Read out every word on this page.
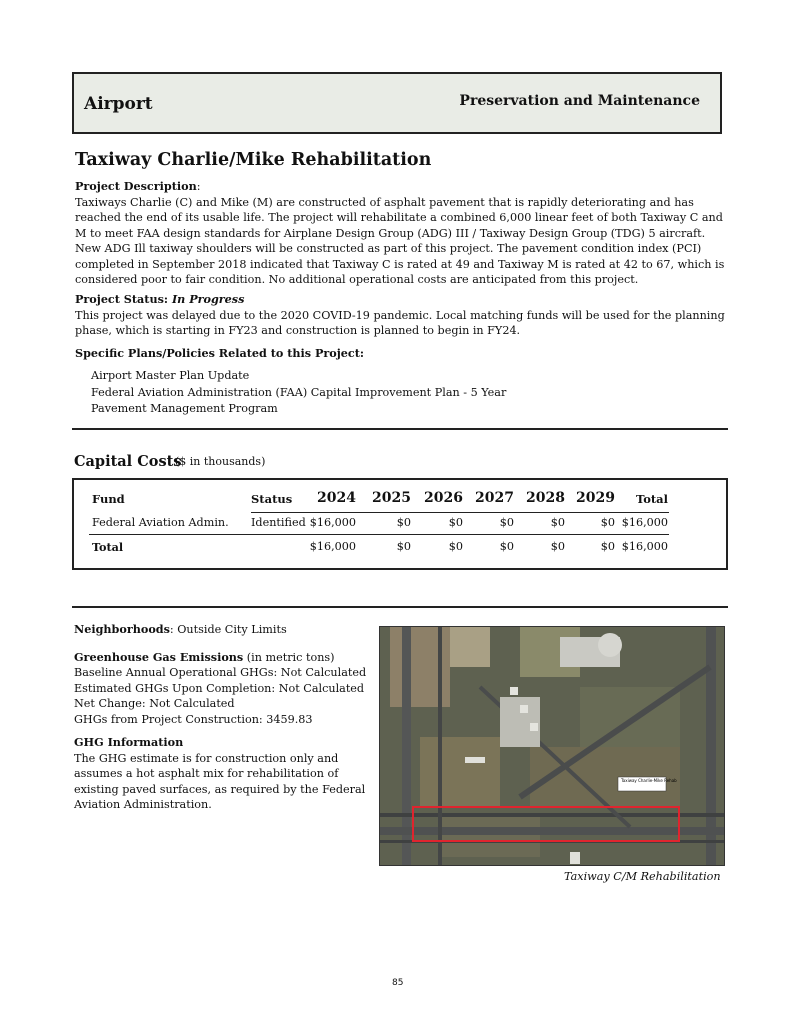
Airport	Preservation and Maintenance
Taxiway Charlie/Mike Rehabilitation

Project Description:

Taxiways Charlie (C) and Mike (M) are constructed of asphalt pavement that is rapidly deteriorating and has reached the end of its usable life. The project will rehabilitate a combined 6,000 linear feet of both Taxiway C and M to meet FAA design standards for Airplane Design Group (ADG) III / Taxiway Design Group (TDG) 5 aircraft. New ADG Ill taxiway shoulders will be constructed as part of this project. The pavement condition index (PCI) completed in September 2018 indicated that Taxiway C is rated at 49 and Taxiway M is rated at 42 to 67, which is considered poor to fair condition. No additional operational costs are anticipated from this project.

Project Status: In Progress

This project was delayed due to the 2020 COVID-19 pandemic. Local matching funds will be used for the planning phase, which is starting in FY23 and construction is planned to begin in FY24.

Specific Plans/Policies Related to this Project:
Airport Master Plan Update
Federal Aviation Administration (FAA) Capital Improvement Plan - 5 Year
Pavement Management Program
Capital Costs
($ in thousands)
Fund	Status	2024	2025 2026 2027 2028 2029	Total
Federal Aviation Admin. Identified $16,000	$0	$0	$0	$0	$0 $16,000
Total	$16,000	$0	$0	$0	$0	$0 $16,000

Neighborhoods: Outside City Limits

Greenhouse Gas Emissions (in metric tons)

Baseline Annual Operational GHGs: Not Calculated

Estimated GHGs Upon Completion: Not Calculated

Net Change: Not Calculated

GHGs from Project Construction: 3459.83

GHG Information

The GHG estimate is for construction only and assumes a hot asphalt mix for rehabilitation of existing paved surfaces, as required by the Federal Aviation Administration.

Taxiway Charlie-Mike Rehab
Taxiway C/M Rehabilitation
85
